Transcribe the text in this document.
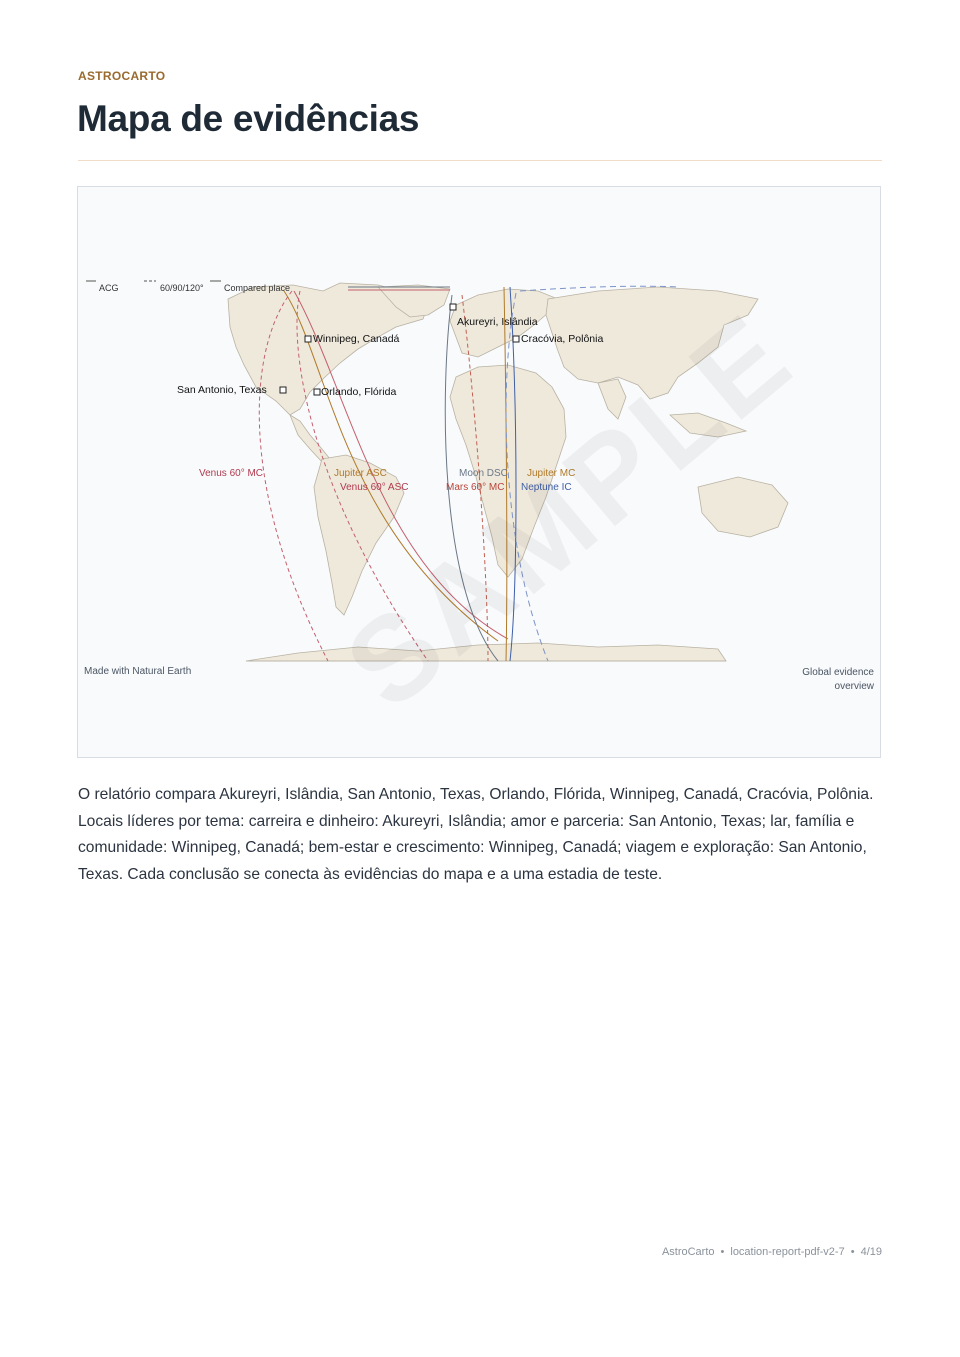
ASTROCARTO
Mapa de evidências
ACG	60/90/120° Compared place
Akureyri, Islândia
Winnipeg, Canadá	Cracóvia, Polônia
San Antonio, Texas	Orlando, Flórida
Venus 60° MC	Jupiter ASC
Venus 60° ASC
Moon DSC
Mars 60° MC
Jupiter MC
Neptune IC
Made with Natural Earth	Global evidence overview

O relatório compara Akureyri, Islândia, San Antonio, Texas, Orlando, Flórida, Winnipeg, Canadá, Cracóvia, Polônia. Locais líderes por tema: carreira e dinheiro: Akureyri, Islândia; amor e parceria: San Antonio, Texas; lar, família e comunidade: Winnipeg, Canadá; bem-estar e crescimento: Winnipeg, Canadá; viagem e exploração: San Antonio, Texas. Cada conclusão se conecta às evidências do mapa e a uma estadia de teste.

AstroCarto • location-report-pdf-v2-7 • 4/19
